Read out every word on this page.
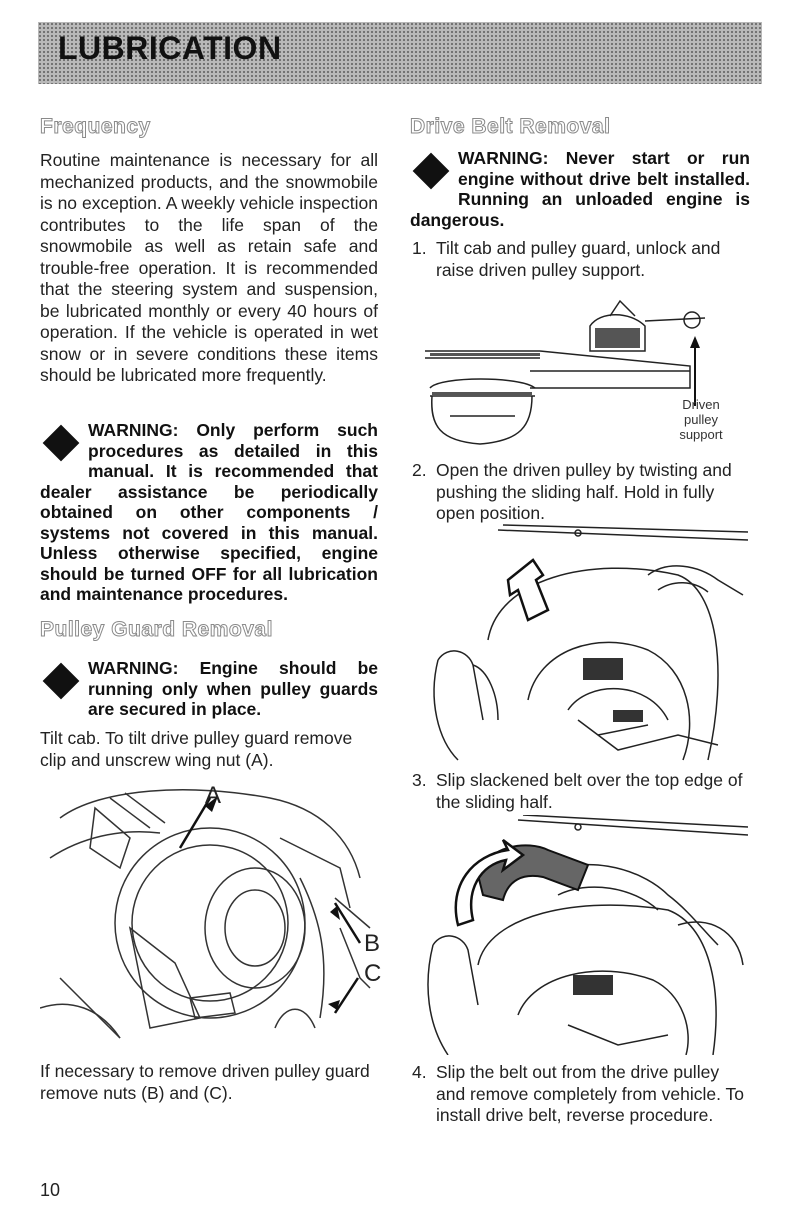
LUBRICATION
Frequency
Routine maintenance is necessary for all mechanized products, and the snowmobile is no exception. A weekly vehicle inspection contributes to the life span of the snowmobile as well as retain safe and trouble-free operation. It is recommended that the steering system and suspension, be lubricated monthly or every 40 hours of operation. If the vehicle is operated in wet snow or in severe conditions these items should be lubricated more frequently.
WARNING: Only perform such procedures as detailed in this manual. It is recommended that dealer assistance be periodically obtained on other components / systems not covered in this manual. Unless otherwise specified, engine should be turned OFF for all lubrication and maintenance procedures.
Pulley Guard Removal
WARNING: Engine should be running only when pulley guards are secured in place.
Tilt cab. To tilt drive pulley guard remove clip and unscrew wing nut (A).
A
B
C
If necessary to remove driven pulley guard remove nuts (B) and (C).
Drive Belt Removal
WARNING: Never start or run engine without drive belt installed. Running an unloaded engine is dangerous.
1. Tilt cab and pulley guard, unlock and raise driven pulley support.
Driven pulley support
2. Open the driven pulley by twisting and pushing the sliding half. Hold in fully open position.
3. Slip slackened belt over the top edge of the sliding half.
4. Slip the belt out from the drive pulley and remove completely from vehicle. To install drive belt, reverse procedure.
10
